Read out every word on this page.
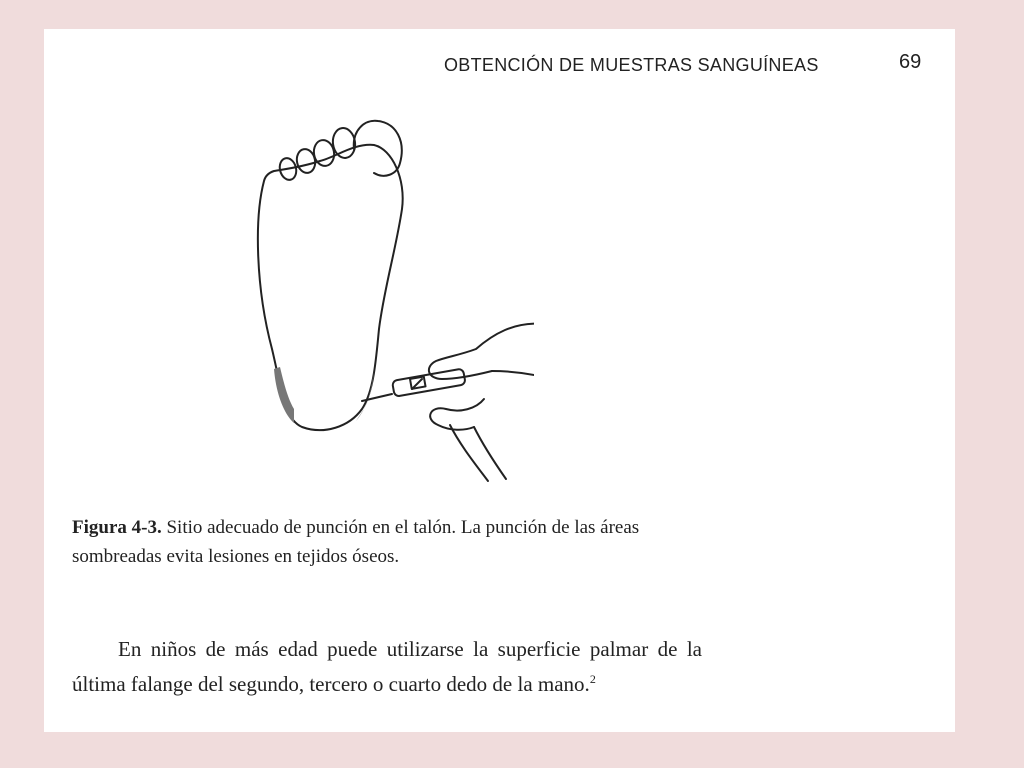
OBTENCIÓN DE MUESTRAS SANGUÍNEAS	69
Figura 4-3. Sitio adecuado de punción en el talón. La punción de las áreas sombreadas evita lesiones en tejidos óseos.
En niños de más edad puede utilizarse la superficie palmar de la última falange del segundo, tercero o cuarto dedo de la mano.$^2$
